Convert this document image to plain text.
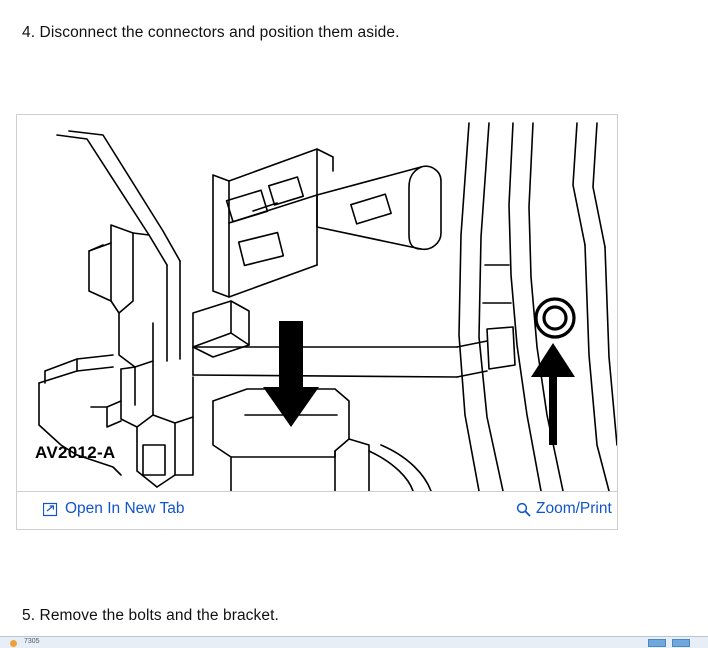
4. Disconnect the connectors and position them aside.
AV2012-A
Open In New Tab	Zoom/Print
5. Remove the bolts and the bracket.
7305
